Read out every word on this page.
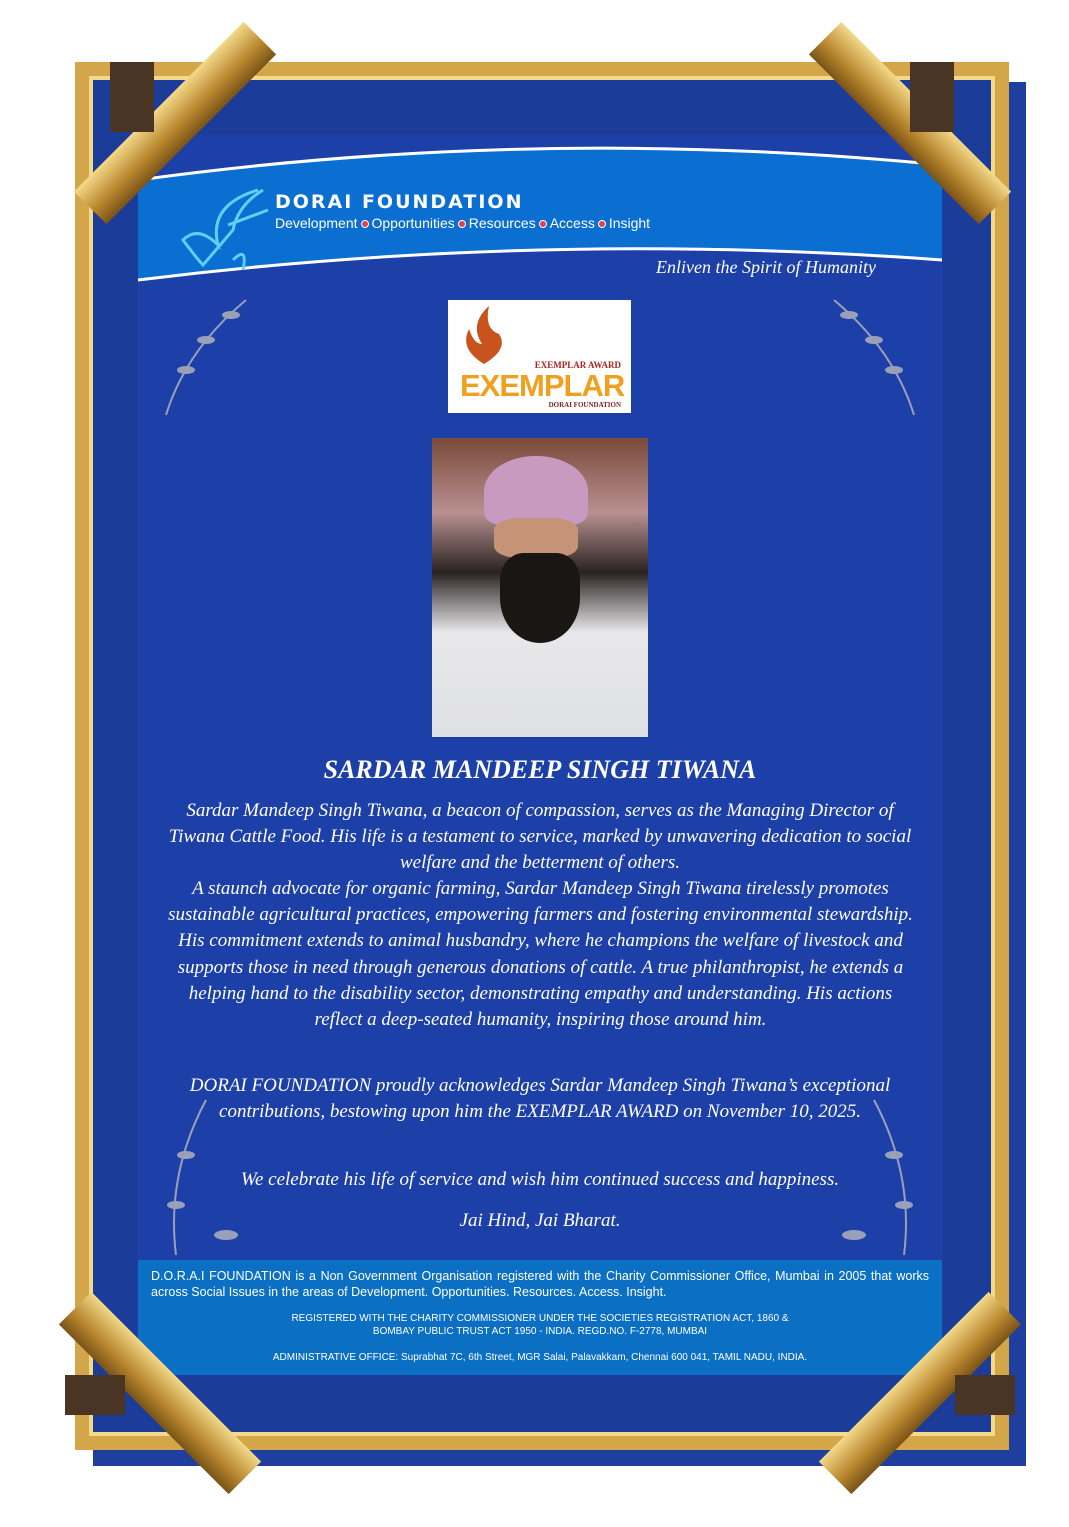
DORAI FOUNDATION
Development Opportunities Resources Access Insight
Enliven the Spirit of Humanity
EXEMPLAR AWARD
EXEMPLAR
DORAI FOUNDATION
SARDAR MANDEEP SINGH TIWANA
Sardar Mandeep Singh Tiwana, a beacon of compassion, serves as the Managing Director of Tiwana Cattle Food. His life is a testament to service, marked by unwavering dedication to social welfare and the betterment of others.
A staunch advocate for organic farming, Sardar Mandeep Singh Tiwana tirelessly promotes sustainable agricultural practices, empowering farmers and fostering environmental stewardship. His commitment extends to animal husbandry, where he champions the welfare of livestock and supports those in need through generous donations of cattle. A true philanthropist, he extends a helping hand to the disability sector, demonstrating empathy and understanding. His actions reflect a deep-seated humanity, inspiring those around him.
DORAI FOUNDATION proudly acknowledges Sardar Mandeep Singh Tiwana’s exceptional contributions, bestowing upon him the EXEMPLAR AWARD on November 10, 2025.
We celebrate his life of service and wish him continued success and happiness.
Jai Hind, Jai Bharat.
D.O.R.A.I FOUNDATION is a Non Government Organisation registered with the Charity Commissioner Office, Mumbai in 2005 that works across Social Issues in the areas of Development. Opportunities. Resources. Access. Insight.
REGISTERED WITH THE CHARITY COMMISSIONER UNDER THE SOCIETIES REGISTRATION ACT, 1860 &
BOMBAY PUBLIC TRUST ACT 1950 - INDIA. REGD.NO. F-2778, MUMBAI
ADMINISTRATIVE OFFICE: Suprabhat 7C, 6th Street, MGR Salai, Palavakkam, Chennai 600 041, TAMIL NADU, INDIA.
